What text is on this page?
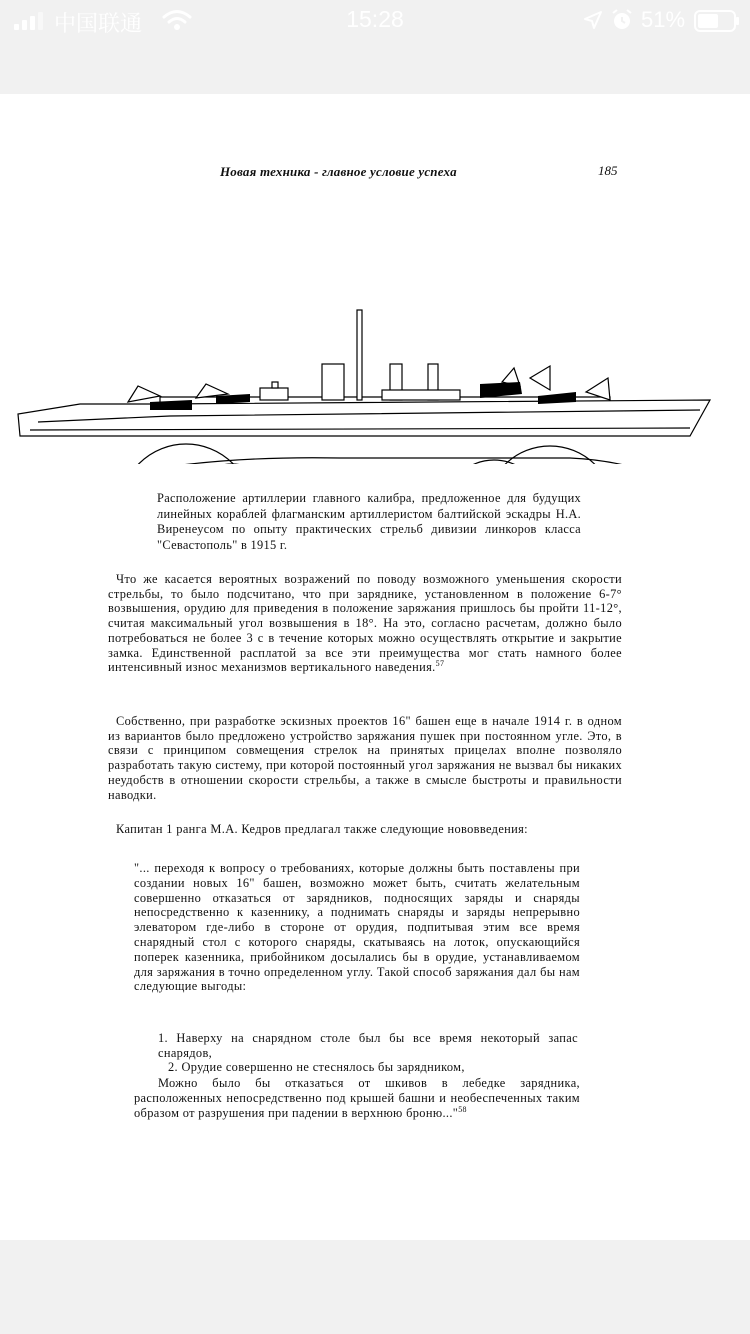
中国联通	15:28	51%
Новая техника - главное условие успеха	185

Расположение артиллерии главного калибра, предложенное для будущих линейных кораблей флагманским артиллеристом балтийской эскадры Н.А. Виренеусом по опыту практических стрельб дивизии линкоров класса "Севастополь" в 1915 г.

Что же касается вероятных возражений по поводу возможного уменьшения скорости стрельбы, то было подсчитано, что при зарядникe, установленном в положение 6-7° возвышения, орудию для приведения в положение заряжания пришлось бы пройти 11-12°, считая максимальный угол возвышения в 18°. На это, согласно расчетам, должно было потребоваться не более 3 с в течение которых можно осуществлять открытие и закрытие замка. Единственной расплатой за все эти преимущества мог стать намного более интенсивный износ механизмов вертикального наведения.$^{57}$

Собственно, при разработке эскизных проектов 16" башен еще в начале 1914 г. в одном из вариантов было предложено устройство заряжания пушек при постоянном угле. Это, в связи с принципом совмещения стрелок на принятых прицелах вполне позволяло разработать такую систему, при которой постоянный угол заряжания не вызвал бы никаких неудобств в отношении скорости стрельбы, а также в смысле быстроты и правильности наводки.

Капитан 1 ранга М.А. Кедров предлагал также следующие нововведения:

"... переходя к вопросу о требованиях, которые должны быть поставлены при создании новых 16" башен, возможно может быть, считать желательным совершенно отказаться от зарядников, подносящих заряды и снаряды непосредственно к казеннику, а поднимать снаряды и заряды непрерывно элеватором где-либо в стороне от орудия, подпитывая этим все время снарядный стол с которого снаряды, скатываясь на лоток, опускающийся поперек казенника, прибойником досылались бы в орудие, устанавливаемом для заряжания в точно определенном углу. Такой способ заряжания дал бы нам следующие выгоды:

1. Наверху на снарядном столе был бы все время некоторый запас снарядов,

2. Орудие совершенно не стеснялось бы зарядником,

Можно было бы отказаться от шкивов в лебедке зарядника, расположенных непосредственно под крышей башни и необеспеченных таким образом от разрушения при падении в верхнюю броню..."$^{58}$
